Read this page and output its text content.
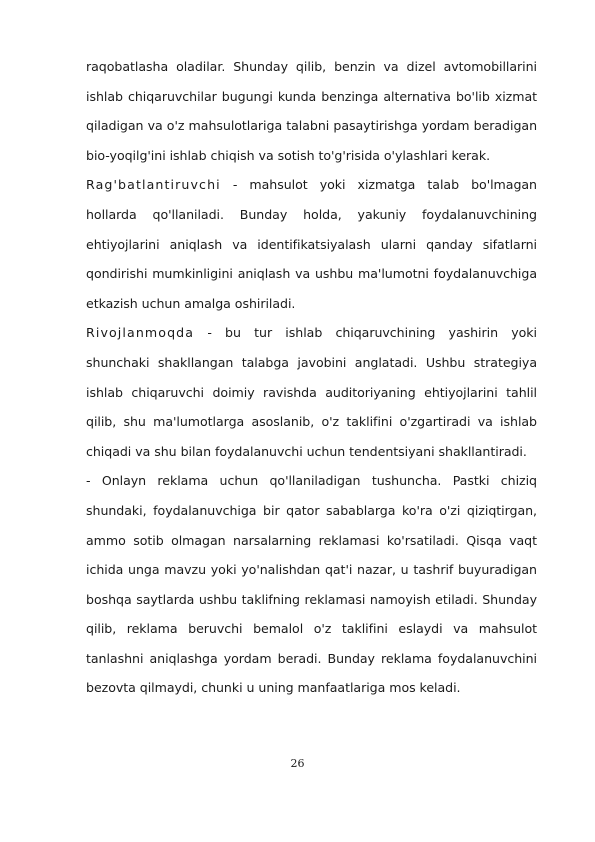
raqobatlasha oladilar. Shunday qilib, benzin va dizel avtomobillarini ishlab chiqaruvchilar bugungi kunda benzinga alternativa bo'lib xizmat qiladigan va o'z mahsulotlariga talabni pasaytirishga yordam beradigan bio-yoqilg'ini ishlab chiqish va sotish to'g'risida o'ylashlari kerak.

Rag'batlantiruvchi - mahsulot yoki xizmatga talab bo'lmagan hollarda qo'llaniladi. Bunday holda, yakuniy foydalanuvchining ehtiyojlarini aniqlash va identifikatsiyalash ularni qanday sifatlarni qondirishi mumkinligini aniqlash va ushbu ma'lumotni foydalanuvchiga etkazish uchun amalga oshiriladi.

Rivojlanmoqda - bu tur ishlab chiqaruvchining yashirin yoki shunchaki shakllangan talabga javobini anglatadi. Ushbu strategiya ishlab chiqaruvchi doimiy ravishda auditoriyaning ehtiyojlarini tahlil qilib, shu ma'lumotlarga asoslanib, o'z taklifini o'zgartiradi va ishlab chiqadi va shu bilan foydalanuvchi uchun tendentsiyani shakllantiradi.

- Onlayn reklama uchun qo'llaniladigan tushuncha. Pastki chiziq shundaki, foydalanuvchiga bir qator sabablarga ko'ra o'zi qiziqtirgan, ammo sotib olmagan narsalarning reklamasi ko'rsatiladi. Qisqa vaqt ichida unga mavzu yoki yo'nalishdan qat'i nazar, u tashrif buyuradigan boshqa saytlarda ushbu taklifning reklamasi namoyish etiladi. Shunday qilib, reklama beruvchi bemalol o'z taklifini eslaydi va mahsulot tanlashni aniqlashga yordam beradi. Bunday reklama foydalanuvchini bezovta qilmaydi, chunki u uning manfaatlariga mos keladi.

26
